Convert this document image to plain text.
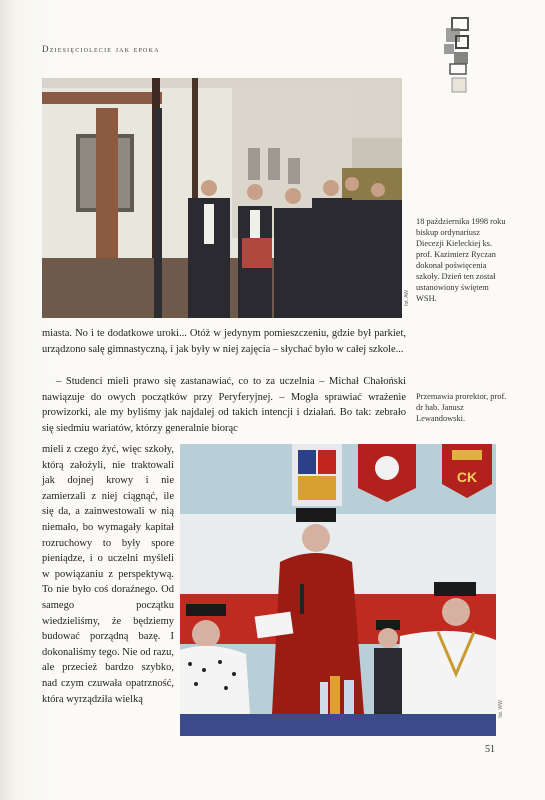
Dziesięciolecie jak epoka
fot. AW
18 października 1998 roku biskup ordynariusz Diecezji Kieleckiej ks. prof. Kazimierz Ryczan dokonał poświęcenia szkoły. Dzień ten został ustanowiony świętem WSH.
miasta. No i te dodatkowe uroki... Otóż w jedynym pomieszczeniu, gdzie był parkiet, urządzono salę gimnastyczną, i jak były w niej zajęcia – słychać było w całej szkole...
– Studenci mieli prawo się zastanawiać, co to za uczelnia – Michał Chałoński nawiązuje do owych początków przy Peryferyjnej. – Mogła sprawiać wrażenie prowizorki, ale my byliśmy jak najdalej od takich intencji i działań. Bo tak: zebrało się siedmiu wariatów, którzy generalnie biorąc
Przemawia prorektor, prof. dr hab. Janusz Lewandowski.
mieli z czego żyć, więc szkoły, którą założyli, nie traktowali jak dojnej krowy i nie zamierzali z niej ciągnąć, ile się da, a zainwestowali w nią niemało, bo wymagały kapitał rozruchowy to były spore pieniądze, i o uczelni myśleli w powiązaniu z perspektywą. To nie było coś doraźnego. Od samego początku wiedzieliśmy, że będziemy budować porządną bazę. I dokonaliśmy tego. Nie od razu, ale przecież bardzo szybko, nad czym czuwała opatrzność, która wyrządziła wielką
CK
fot. WW
51
